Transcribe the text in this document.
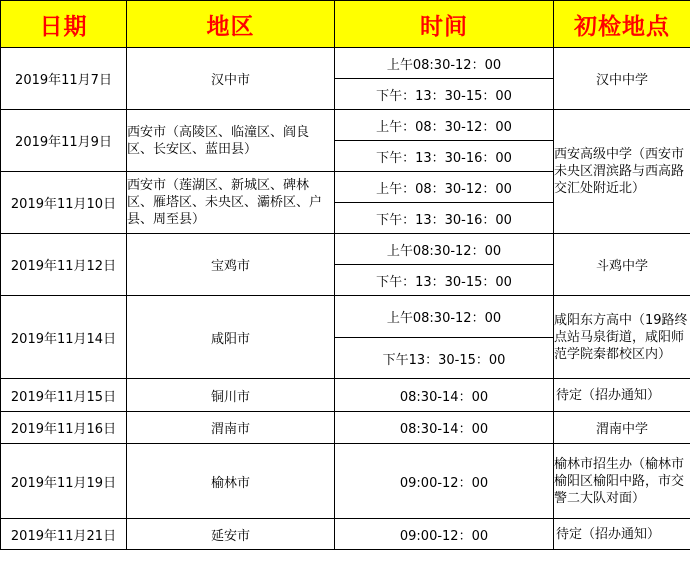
日期	地区	时间	初检地点
2019年11月7日	汉中市	上午08:30-12：00	汉中中学
		下午：13：30-15：00	
2019年11月9日	西安市（高陵区、临潼区、阎良区、长安区、蓝田县）	上午：08：30-12：00	西安高级中学（西安市未央区渭滨路与西高路交汇处附近北）
		下午：13：30-16：00	
2019年11月10日	西安市（莲湖区、新城区、碑林区、雁塔区、未央区、灞桥区、户县、周至县）	上午：08：30-12：00	
		下午：13：30-16：00	
2019年11月12日	宝鸡市	上午08:30-12：00	斗鸡中学
		下午：13：30-15：00	
2019年11月14日	咸阳市	上午08:30-12：00	咸阳东方高中（19路终点站马泉街道，咸阳师范学院秦都校区内）
		下午13：30-15：00	
2019年11月15日	铜川市	08:30-14：00	待定（招办通知）
2019年11月16日	渭南市	08:30-14：00	渭南中学
2019年11月19日	榆林市	09:00-12：00	榆林市招生办（榆林市榆阳区榆阳中路，市交警二大队对面）
2019年11月21日	延安市	09:00-12：00	待定（招办通知）
